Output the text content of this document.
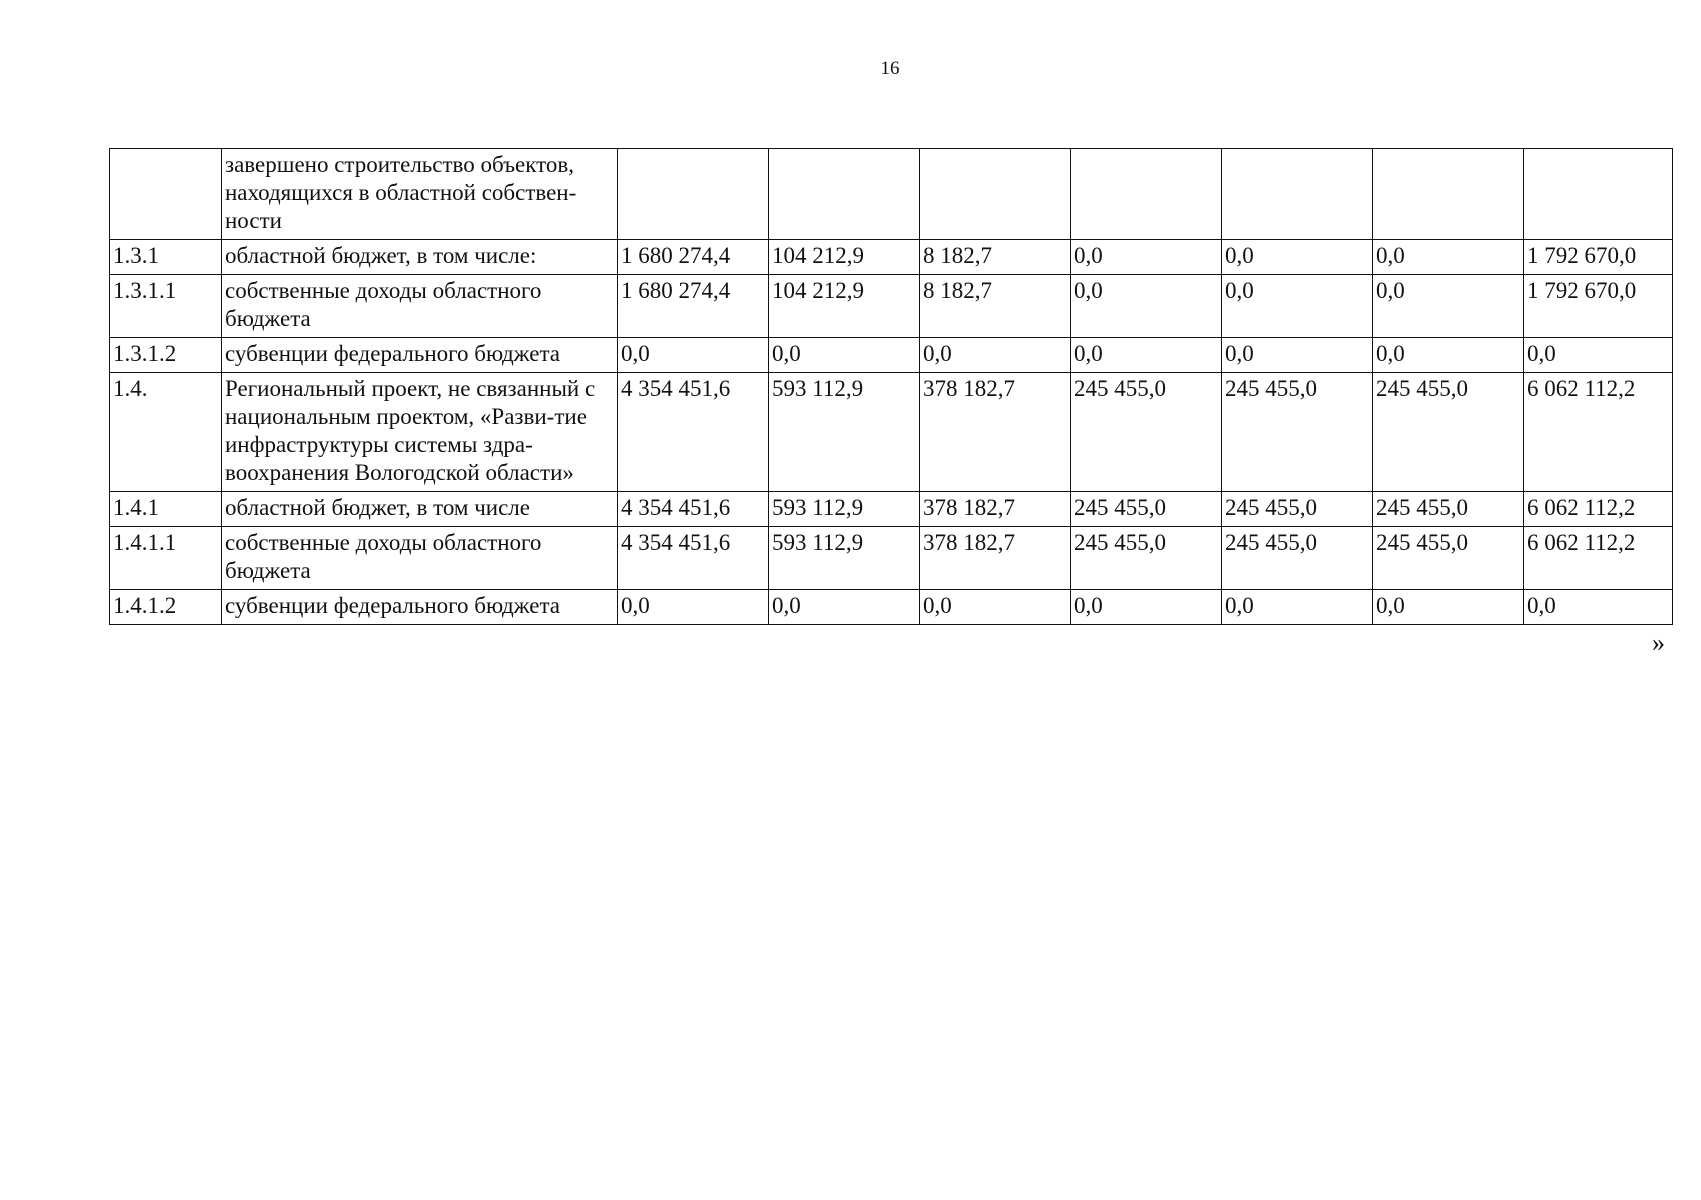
16
	завершено строительство объектов, находящихся в областной собствен-ности							
1.3.1	областной бюджет, в том числе:	1 680 274,4	104 212,9	8 182,7	0,0	0,0	0,0	1 792 670,0
1.3.1.1	собственные доходы областного бюджета	1 680 274,4	104 212,9	8 182,7	0,0	0,0	0,0	1 792 670,0
1.3.1.2	субвенции федерального бюджета	0,0	0,0	0,0	0,0	0,0	0,0	0,0
1.4.	Региональный проект, не связанный с национальным проектом, «Разви-тие инфраструктуры системы здра-воохранения Вологодской области»	4 354 451,6	593 112,9	378 182,7	245 455,0	245 455,0	245 455,0	6 062 112,2
1.4.1	областной бюджет, в том числе	4 354 451,6	593 112,9	378 182,7	245 455,0	245 455,0	245 455,0	6 062 112,2
1.4.1.1	собственные доходы областного бюджета	4 354 451,6	593 112,9	378 182,7	245 455,0	245 455,0	245 455,0	6 062 112,2
1.4.1.2	субвенции федерального бюджета	0,0	0,0	0,0	0,0	0,0	0,0	0,0
»
